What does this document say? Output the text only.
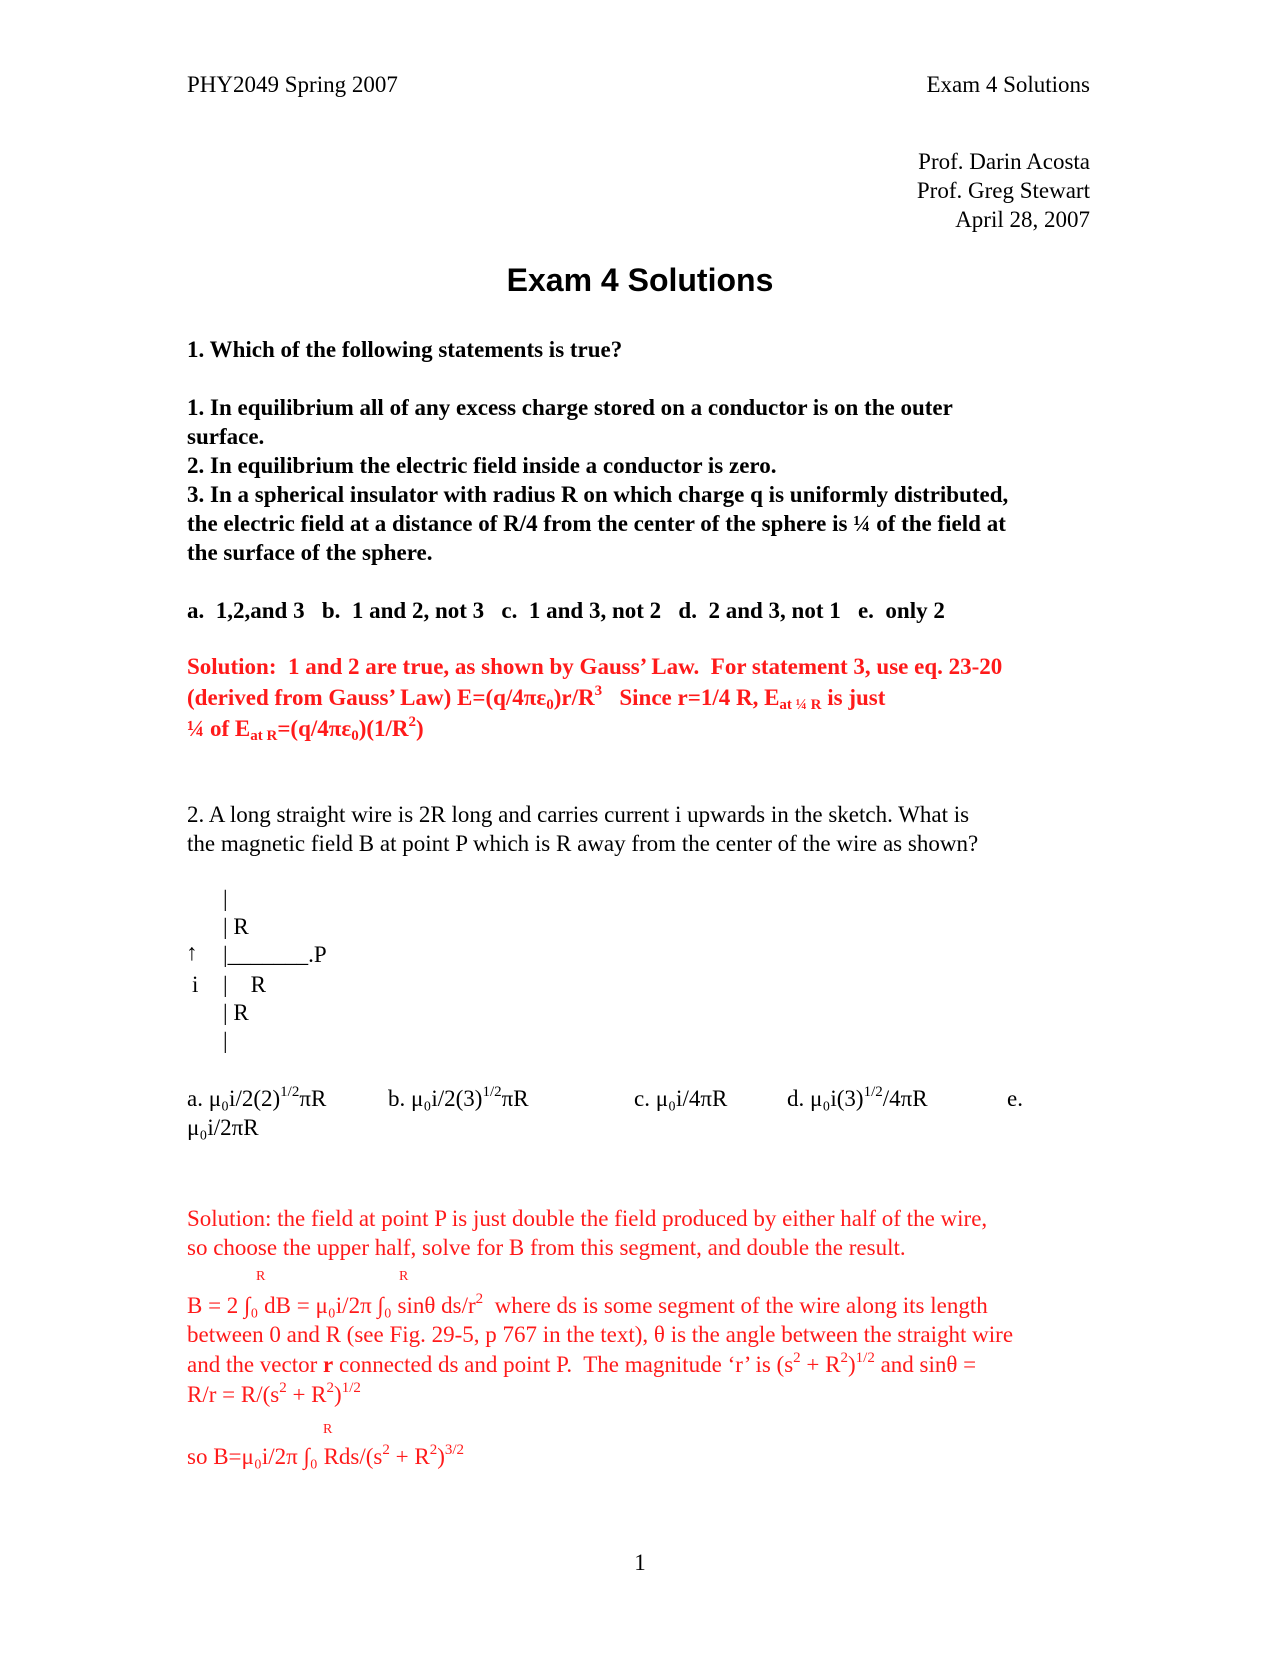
PHY2049 Spring 2007	Exam 4 Solutions
Prof. Darin Acosta
Prof. Greg Stewart
April 28, 2007
Exam 4 Solutions
1. Which of the following statements is true?
1. In equilibrium all of any excess charge stored on a conductor is on the outer
surface.
2. In equilibrium the electric field inside a conductor is zero.
3. In a spherical insulator with radius R on which charge q is uniformly distributed,
the electric field at a distance of R/4 from the center of the sphere is ¼ of the field at
the surface of the sphere.
a.  1,2,and 3   b.  1 and 2, not 3   c.  1 and 3, not 2   d.  2 and 3, not 1   e.  only 2
Solution:  1 and 2 are true, as shown by Gauss’ Law.  For statement 3, use eq. 23-20
(derived from Gauss’ Law) $E=(q/4\pi\varepsilon_0)r/R^3$   Since r=1/4 R, $E_{at \frac{1}{4} R}$ is just
¼ of $E_{at R}=(q/4\pi\varepsilon_0)(1/R^2)$
2. A long straight wire is 2R long and carries current i upwards in the sketch. What is
the magnetic field B at point P which is R away from the center of the wire as shown?
|
| R
↑ |_______.P
i |    R
| R
|
a. μ₀i/$2(2)^{1/2}\pi R$	b. μ₀i/$2(3)^{1/2}\pi R$	c. μ₀i/4πR	d. $\mu_0i(3)^{1/2}/4\pi R$	e.
μ₀i/2πR
Solution: the field at point P is just double the field produced by either half of the wire,
so choose the upper half, solve for B from this segment, and double the result.
R	R
B = 2 ∫₀ dB = μ₀i/2π ∫₀ sinθ $ds/r^2$  where ds is some segment of the wire along its length
between 0 and R (see Fig. 29-5, p 767 in the text), θ is the angle between the straight wire
and the vector r connected ds and point P.  The magnitude ‘r’ is $(s^2 + R^2)^{1/2}$ and sinθ =
$R/r = R/(s^2 + R^2)^{1/2}$
R
so B=μ₀i/2π ∫₀ Rds/$(s^2 + R^2)^{3/2}$
1
